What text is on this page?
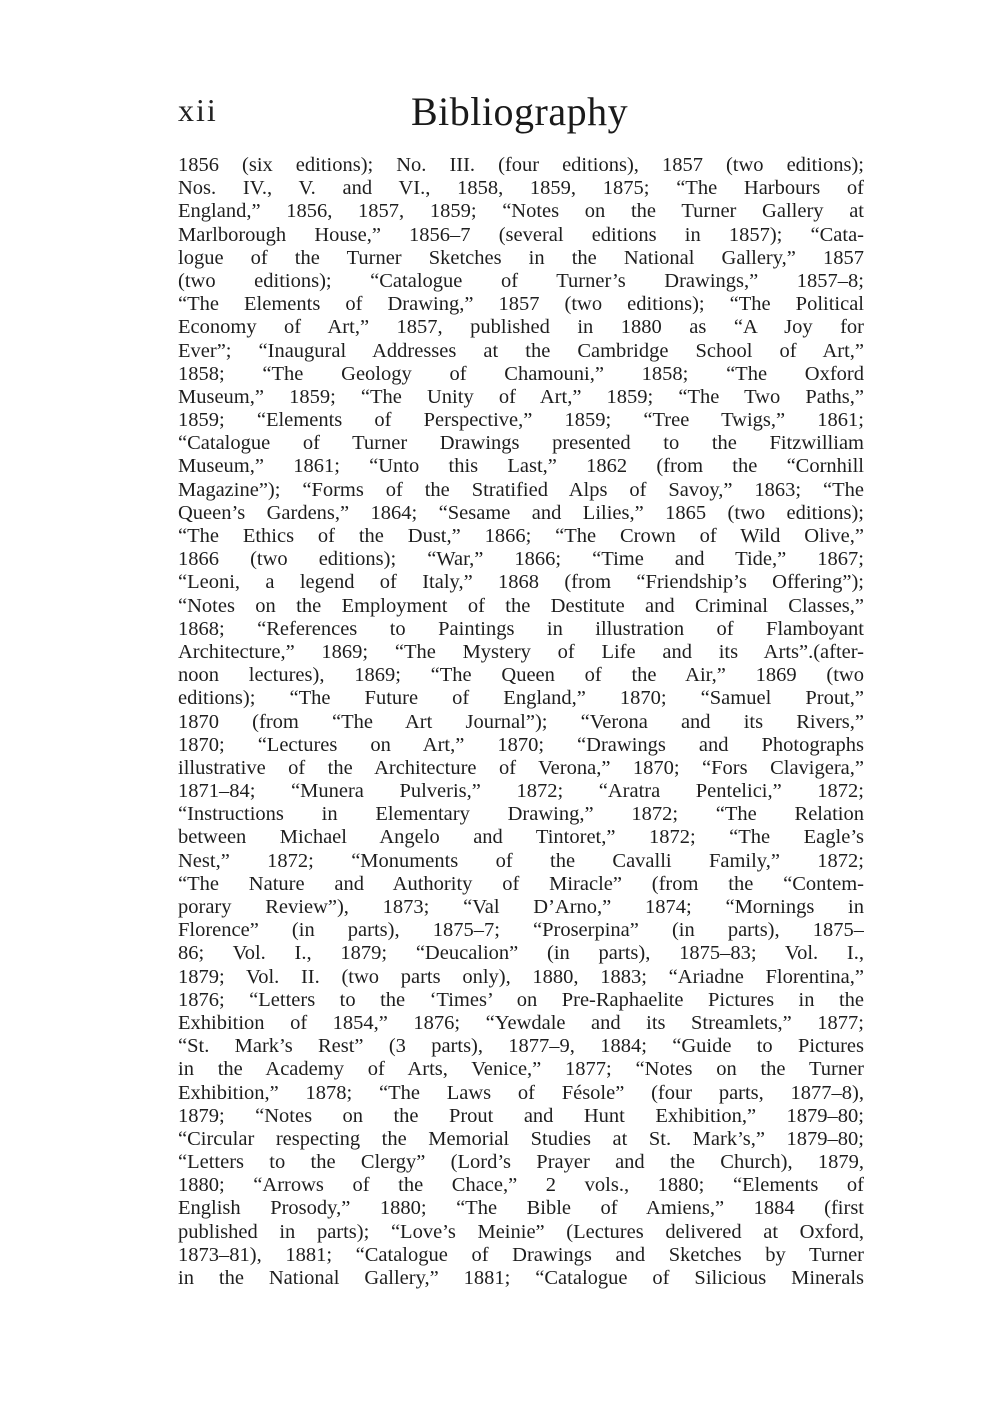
xii	Bibliography
1856 (six editions); No. III. (four editions), 1857 (two editions);
Nos. IV., V. and VI., 1858, 1859, 1875; “The Harbours of
England,” 1856, 1857, 1859; “Notes on the Turner Gallery at
Marlborough House,” 1856–7 (several editions in 1857); “Cata-
logue of the Turner Sketches in the National Gallery,” 1857
(two editions); “Catalogue of Turner’s Drawings,” 1857–8;
“The Elements of Drawing,” 1857 (two editions); “The Political
Economy of Art,” 1857, published in 1880 as “A Joy for
Ever”; “Inaugural Addresses at the Cambridge School of Art,”
1858; “The Geology of Chamouni,” 1858; “The Oxford
Museum,” 1859; “The Unity of Art,” 1859; “The Two Paths,”
1859; “Elements of Perspective,” 1859; “Tree Twigs,” 1861;
“Catalogue of Turner Drawings presented to the Fitzwilliam
Museum,” 1861; “Unto this Last,” 1862 (from the “Cornhill
Magazine”); “Forms of the Stratified Alps of Savoy,” 1863; “The
Queen’s Gardens,” 1864; “Sesame and Lilies,” 1865 (two editions);
“The Ethics of the Dust,” 1866; “The Crown of Wild Olive,”
1866 (two editions); “War,” 1866; “Time and Tide,” 1867;
“Leoni, a legend of Italy,” 1868 (from “Friendship’s Offering”);
“Notes on the Employment of the Destitute and Criminal Classes,”
1868; “References to Paintings in illustration of Flamboyant
Architecture,” 1869; “The Mystery of Life and its Arts”.(after-
noon lectures), 1869; “The Queen of the Air,” 1869 (two
editions); “The Future of England,” 1870; “Samuel Prout,”
1870 (from “The Art Journal”); “Verona and its Rivers,”
1870; “Lectures on Art,” 1870; “Drawings and Photographs
illustrative of the Architecture of Verona,” 1870; “Fors Clavigera,”
1871–84; “Munera Pulveris,” 1872; “Aratra Pentelici,” 1872;
“Instructions in Elementary Drawing,” 1872; “The Relation
between Michael Angelo and Tintoret,” 1872; “The Eagle’s
Nest,” 1872; “Monuments of the Cavalli Family,” 1872;
“The Nature and Authority of Miracle” (from the “Contem-
porary Review”), 1873; “Val D’Arno,” 1874; “Mornings in
Florence” (in parts), 1875–7; “Proserpina” (in parts), 1875–
86; Vol. I., 1879; “Deucalion” (in parts), 1875–83; Vol. I.,
1879; Vol. II. (two parts only), 1880, 1883; “Ariadne Florentina,”
1876; “Letters to the ‘Times’ on Pre-Raphaelite Pictures in the
Exhibition of 1854,” 1876; “Yewdale and its Streamlets,” 1877;
“St. Mark’s Rest” (3 parts), 1877–9, 1884; “Guide to Pictures
in the Academy of Arts, Venice,” 1877; “Notes on the Turner
Exhibition,” 1878; “The Laws of Fésole” (four parts, 1877–8),
1879; “Notes on the Prout and Hunt Exhibition,” 1879–80;
“Circular respecting the Memorial Studies at St. Mark’s,” 1879–80;
“Letters to the Clergy” (Lord’s Prayer and the Church), 1879,
1880; “Arrows of the Chace,” 2 vols., 1880; “Elements of
English Prosody,” 1880; “The Bible of Amiens,” 1884 (first
published in parts); “Love’s Meinie” (Lectures delivered at Oxford,
1873–81), 1881; “Catalogue of Drawings and Sketches by Turner
in the National Gallery,” 1881; “Catalogue of Silicious Minerals
